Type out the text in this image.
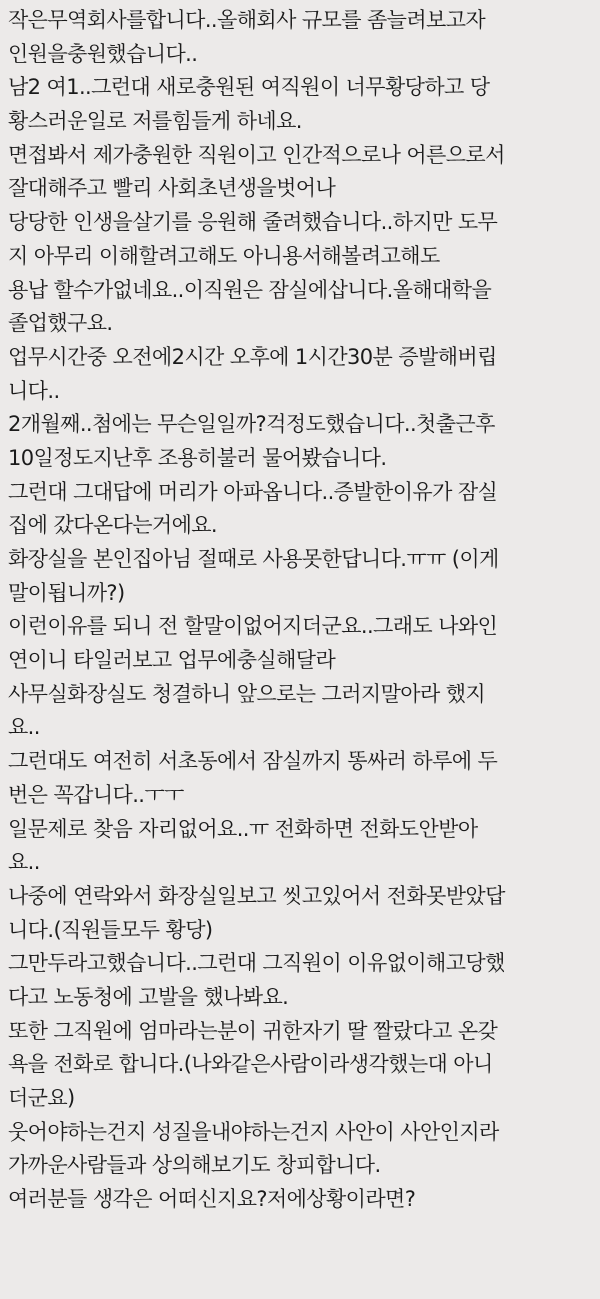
작은무역회사를합니다..올해회사 규모를 좀늘려보고자
인원을충원했습니다..
남2 여1..그런대 새로충원된 여직원이 너무황당하고 당
황스러운일로 저를힘들게 하네요.
면접봐서 제가충원한 직원이고 인간적으로나 어른으로서
잘대해주고 빨리 사회초년생을벗어나
당당한 인생을살기를 응원해 줄려했습니다..하지만 도무
지 아무리 이해할려고해도 아니용서해볼려고해도
용납 할수가없네요..이직원은 잠실에삽니다.올해대학을
졸업했구요.
업무시간중 오전에2시간 오후에 1시간30분 증발해버립
니다..
2개월째..첨에는 무슨일일까?걱정도했습니다..첫출근후
10일정도지난후 조용히불러 물어봤습니다.
그런대 그대답에 머리가 아파옵니다..증발한이유가 잠실
집에 갔다온다는거에요.
화장실을 본인집아님 절때로 사용못한답니다.ㅠㅠ (이게
말이됩니까?)
이런이유를 되니 전 할말이없어지더군요..그래도 나와인
연이니 타일러보고 업무에충실해달라
사무실화장실도 청결하니 앞으로는 그러지말아라 했지
요..
그런대도 여전히 서초동에서 잠실까지 똥싸러 하루에 두
번은 꼭갑니다..ㅜㅜ
일문제로 찾음 자리없어요..ㅠ 전화하면 전화도안받아
요..
나중에 연락와서 화장실일보고 씻고있어서 전화못받았답
니다.(직원들모두 황당)
그만두라고했습니다..그런대 그직원이 이유없이해고당했
다고 노동청에 고발을 했나봐요.
또한 그직원에 엄마라는분이 귀한자기 딸 짤랐다고 온갖
욕을 전화로 합니다.(나와같은사람이라생각했는대 아니
더군요)
웃어야하는건지 성질을내야하는건지 사안이 사안인지라
가까운사람들과 상의해보기도 창피합니다.
여러분들 생각은 어떠신지요?저에상황이라면?
